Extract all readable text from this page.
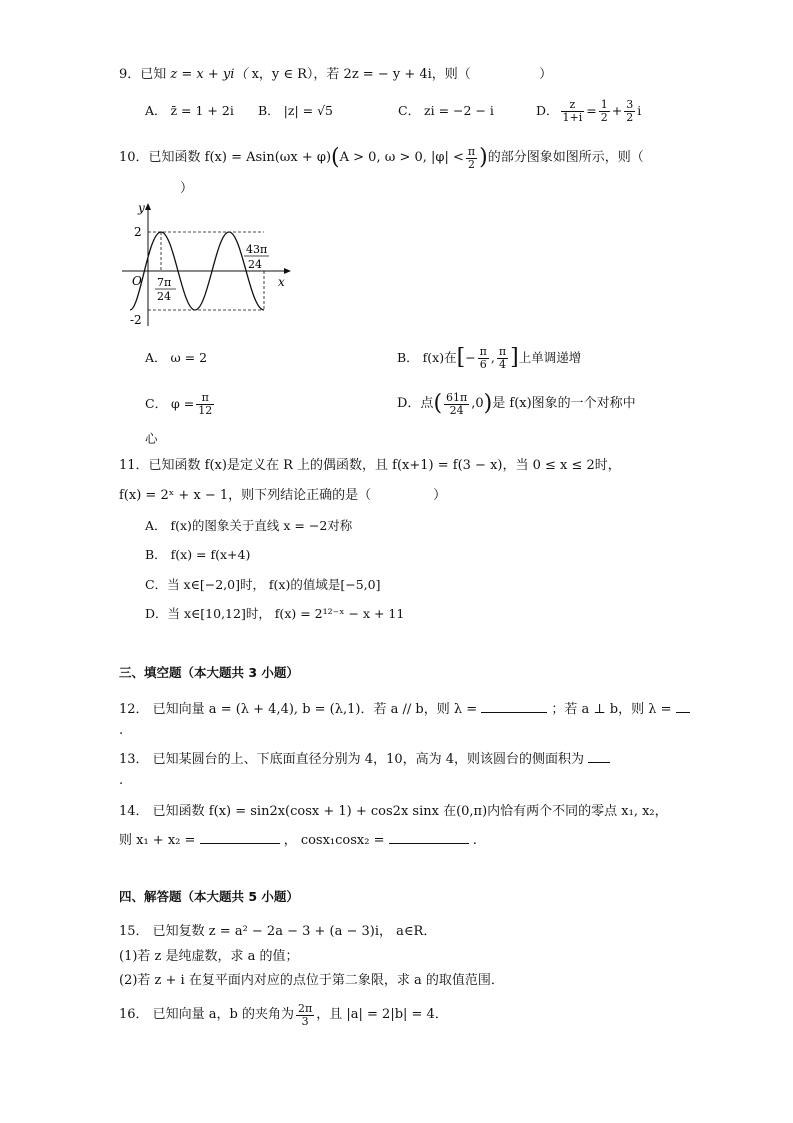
9．已知 z = x + yi（ x，y ∈ R），若 2z = − y + 4i，则（	）
A． z̄ = 1 + 2i B． |z| = √5	C． zi = −2 − i	D． $\frac{z}{1+i} = \frac{1}{2} + \frac{3}{2}$ i
10．已知函数 f(x) = Asin(ωx + φ) ( A > 0, ω > 0, $|\varphi| < \frac{\pi}{2}$ ) 的部分图象如图所示，则（
）
y
x
O
2
-2
7π
24
43π
24
A． ω = 2	B． f(x)在 [ − $\frac{\pi}{6}$ , $\frac{\pi}{4}$ ] 上单调递增
C． $\varphi = \frac{\pi}{12}$	D．点 ( $\frac{61\pi}{24} ,0$ ) 是 f(x)图象的一个对称中
心
11．已知函数 f(x)是定义在 R 上的偶函数，且 f(x+1) = f(3 − x)，当 0 ≤ x ≤ 2时，
f(x) = 2ˣ + x − 1，则下列结论正确的是（	）
A． f(x)的图象关于直线 x = −2对称
B． f(x) = f(x+4)
C．当 x∈[−2,0]时， f(x)的值域是[−5,0]
D．当 x∈[10,12]时， f(x) = 2¹²⁻ˣ − x + 11
三、填空题（本大题共 3 小题）
12． 已知向量 a = (λ + 4,4), b = (λ,1)．若 a // b，则 λ =	；若 a ⊥ b，则 λ =
.
13． 已知某圆台的上、下底面直径分别为 4，10，高为 4，则该圆台的侧面积为
.
14． 已知函数 f(x) = sin2x(cosx + 1) + cos2x sinx 在(0,π)内恰有两个不同的零点 x₁, x₂，
则 x₁ + x₂ =	， cosx₁cosx₂ =	.
四、解答题（本大题共 5 小题）
15． 已知复数 z = a² − 2a − 3 + (a − 3)i， a∈R．
(1)若 z 是纯虚数，求 a 的值；
(2)若 z + i 在复平面内对应的点位于第二象限，求 a 的取值范围．
16． 已知向量 a，b 的夹角为 $\frac{2\pi}{3}$ ，且 |a| = 2|b| = 4．
